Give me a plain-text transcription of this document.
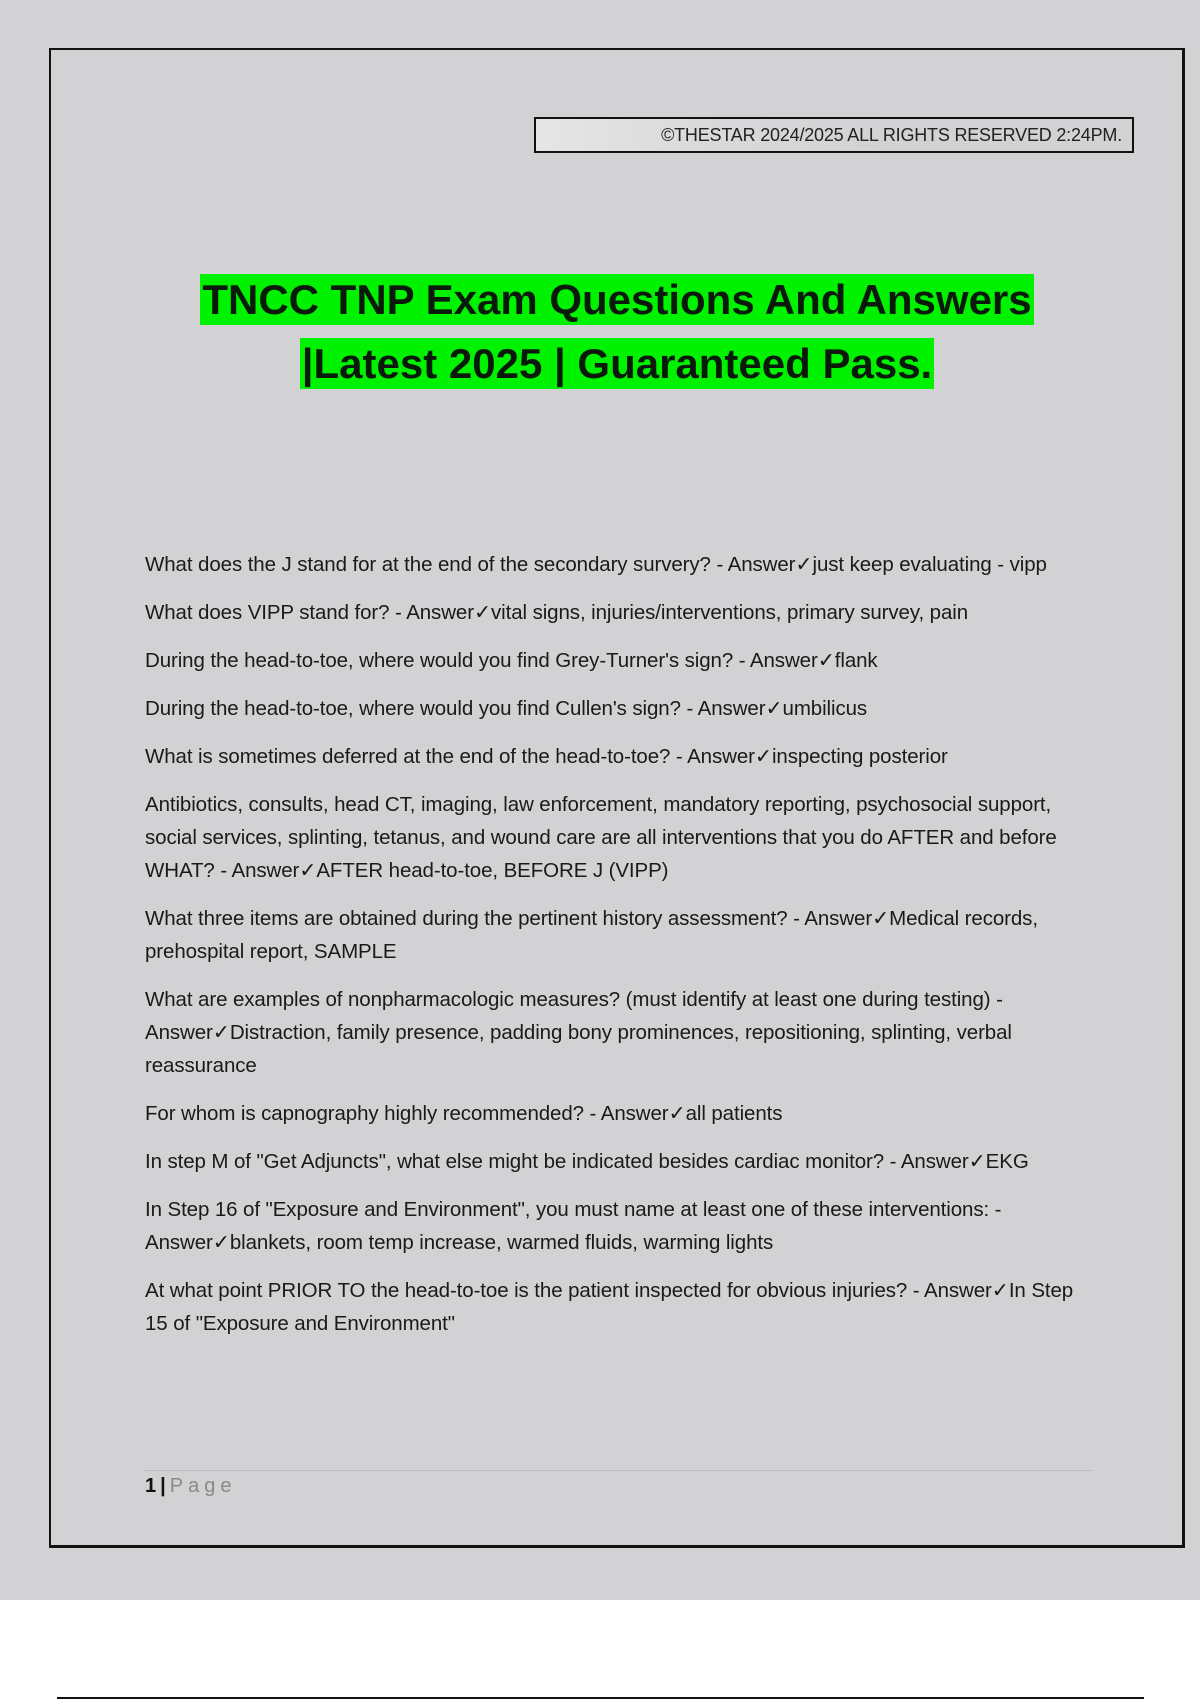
©THESTAR 2024/2025 ALL RIGHTS RESERVED 2:24PM.
TNCC TNP Exam Questions And Answers
|Latest 2025 | Guaranteed Pass.
What does the J stand for at the end of the secondary survery? - Answer✓just keep evaluating - vipp
What does VIPP stand for? - Answer✓vital signs, injuries/interventions, primary survey, pain
During the head-to-toe, where would you find Grey-Turner's sign? - Answer✓flank
During the head-to-toe, where would you find Cullen's sign? - Answer✓umbilicus
What is sometimes deferred at the end of the head-to-toe? - Answer✓inspecting posterior
Antibiotics, consults, head CT, imaging, law enforcement, mandatory reporting, psychosocial support, social services, splinting, tetanus, and wound care are all interventions that you do AFTER and before WHAT? - Answer✓AFTER head-to-toe, BEFORE J (VIPP)
What three items are obtained during the pertinent history assessment? - Answer✓Medical records, prehospital report, SAMPLE
What are examples of nonpharmacologic measures? (must identify at least one during testing) - Answer✓Distraction, family presence, padding bony prominences, repositioning, splinting, verbal reassurance
For whom is capnography highly recommended? - Answer✓all patients
In step M of "Get Adjuncts", what else might be indicated besides cardiac monitor? - Answer✓EKG
In Step 16 of "Exposure and Environment", you must name at least one of these interventions: - Answer✓blankets, room temp increase, warmed fluids, warming lights
At what point PRIOR TO the head-to-toe is the patient inspected for obvious injuries? - Answer✓In Step 15 of "Exposure and Environment"
1 | Page
